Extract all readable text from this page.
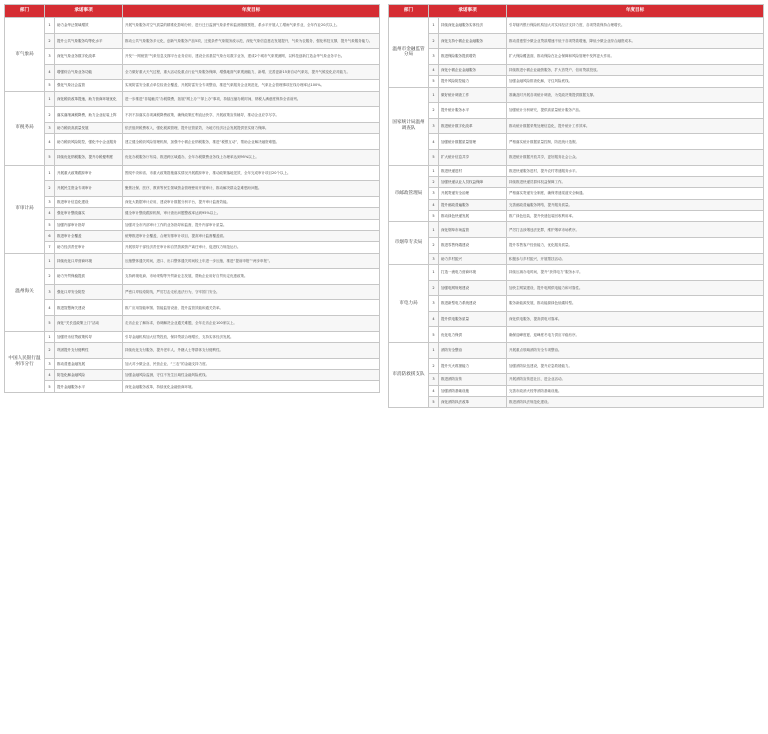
部门	承诺事项		年度目标
市气象局	1	助力金华泛领域增效	开展气象服务对空气质量的精准化影响分析，进行迁日监测气象条件和监测指数预报，系水平开展人工增雨气象作业，全年作业20次以上。
	2	提升公共气象服务均等化水平	推动公共气象服务多元化，创新气象服务产品5项，迁徙条件气象服务改示范，深化气象信息惠农发展提升，气象为农服务，强化科技支撑，提升气象服务能力。
	3	深化气象业务数字化改革	开发“一网统管”气象信息支撑平台业务应用，建设全省基层气象台站数字业务，建成2个城市气象观测网，以科技创新打造金华气象业务平台。
	4	增强综合气象业务功能	全力做好重大天气过程，重大活动及重点行业气象服务保障，增强地面气象观测能力，新增、完善更新15套自动气象站，提升气候变化应对能力。
	5	强化气象社会监管	实现防雷安全重点单位检查全覆盖，开展防雷安全专项整治，推进气象服务企业规范化，气象社会管理事项在线办理率达100%。
市税务局	1	深化税收改革提速，助力营商环境优化	进一步推进“非接触式”办税缴费，拓展“网上办”“掌上办”事项，持续压缩办税时间，纳税人满意度保持全省前列。
	2	落实落细减税降费，助力企业轻装上阵	不折不扣落实各项减税降费政策，确保政策红利直达快享，开展政策宣传辅导，推动企业应享尽享。
	3	助力税收高质量发展	依法组织税费收入，强化税源管理，提升征管质效，为地方经济社会发展提供坚实财力保障。
	4	助力税收风险防控，强化中小企业服务	建立健全税收风险管理机制，加强中小微企业纳税服务，推进“税银互动”，帮助企业解决融资难题。
	5	持续优化纳税服务，提升办税便利度	优化办税服务厅布局，推进跨区域通办，全年办税缴费业务线上办理率达到95%以上。
市审计局	1	开展重大政策跟踪审计	围绕中央和省、市重大政策措施落实情况开展跟踪审计，推动政策落地见效，全年完成审计项目20个以上。
	2	开展民生资金专项审计	聚焦社保、医疗、教育等民生领域资金管理使用开展审计，推动解决群众急难愁盼问题。
	3	推进审计信息化建设	深化大数据审计应用，建设审计数据分析平台，提升审计监督效能。
	4	强化审计整改落实	健全审计整改跟踪机制，审计查出问题整改率达到95%以上。
	5	加强内部审计指导	加强对全市内部审计工作的业务指导和监督，提升内部审计质量。
	6	推进审计全覆盖	统筹推进审计全覆盖，合理安排审计项目，提高审计监督覆盖面。
	7	助力经济责任审计	开展领导干部经济责任审计和自然资源资产离任审计，促进权力规范运行。
温州海关	1	持续优化口岸营商环境	压缩整体通关时间，进口、出口整体通关时间较上年进一步压缩，推进“提前申报”“两步申报”。
	2	助力外贸保稳提质	支持跨境电商、市场采购等外贸新业态发展，帮助企业用好自贸协定优惠政策。
	3	强化口岸安全防控	严密口岸检疫防线，严厉打击走私违法行为，守牢国门安全。
	4	推进智慧海关建设	推广应用智能审图、智能监管设备，提升监管效能和通关效率。
	5	深化“关长送政策上门”活动	走访企业了解诉求，协调解决企业通关难题，全年走访企业100家以上。
中国人民银行温州市分行	1	加强货币信贷政策传导	引导金融机构加大信贷投放，保持贷款合理增长，支持实体经济发展。
	2	巩固提升支付便利性	持续优化支付服务，提升老年人、外籍人士等群体支付便利性。
	3	推动普惠金融发展	加大对小微企业、民营企业、“三农”的金融支持力度。
	4	防范化解金融风险	加强金融风险监测，守住不发生区域性金融风险底线。
	5	提升金融服务水平	深化金融服务改革，持续优化金融营商环境。
部门	承诺事项		年度目标
温州市金融监管分局	1	持续深化金融服务实体经济	引导辖内银行保险机构加大对实体经济支持力度，各项贷款保持合理增长。
	2	深化支持小微企业金融服务	推动普惠型小微企业贷款增速不低于各项贷款增速，降低小微企业综合融资成本。
	3	推进保险服务提质增效	扩大保险覆盖面，推动保险在社会保障和风险管理中发挥更大作用。
	4	深化小微企业金融服务	持续推进小微企业融资服务，扩大首贷户、信用贷款投放。
	5	提升风险防控能力	加强金融风险排查化解，守住风险底线。
国家统计局温州调查队	1	做好统计调查工作	准确及时开展各项统计调查，为党政决策提供数据支撑。
	2	提升统计服务水平	加强统计分析研究，提供高质量统计服务产品。
	3	推进统计数字化改革	推动统计数据采集处理信息化，提升统计工作效率。
	4	加强统计数据质量管理	严格落实统计数据质量控制，防范统计造假。
	5	扩大统计信息共享	推进统计数据开放共享，更好服务社会公众。
市邮政管理局	1	推进快递进村	推进快递服务进村，提升农村寄递服务水平。
	2	加强快递从业人员权益保障	持续推进快递员群体权益保障工作。
	3	开展寄递安全治理	严格落实寄递安全制度，确保寄递渠道安全畅通。
	4	提升邮政普遍服务	完善邮政普遍服务网络，提升服务质量。
	5	推动绿色快递发展	推广绿色包装，提升快递包装回收利用率。
市烟草专卖局	1	深化烟草市场监管	严厉打击涉烟违法犯罪，维护烟草市场秩序。
	2	推进零售终端建设	提升零售客户经营能力，优化服务质量。
	3	助力乡村振兴	积极参与乡村振兴，开展帮扶活动。
市电力局	1	打造一流电力营商环境	持续压减办电时间，提升“获得电力”服务水平。
	2	加强电网规划建设	加快主网架建设，提升电网供电能力和可靠性。
	3	推进新型电力系统建设	服务新能源发展，推动能源绿色低碳转型。
	4	提升供电服务质量	深化供电服务，提高供电可靠率。
	5	优化电力保供	确保迎峰度夏、迎峰度冬电力供应平稳有序。
市消防救援支队	1	消防安全整治	开展重点领域消防安全专项整治。
	2	提升灭火救援能力	加强消防队伍建设，提升应急救援能力。
	3	推进消防宣传	开展消防宣传进社区、进企业活动。
	4	加强消防基础设施	完善市政消火栓等消防基础设施。
	5	深化消防执法改革	推进消防执法规范化建设。
